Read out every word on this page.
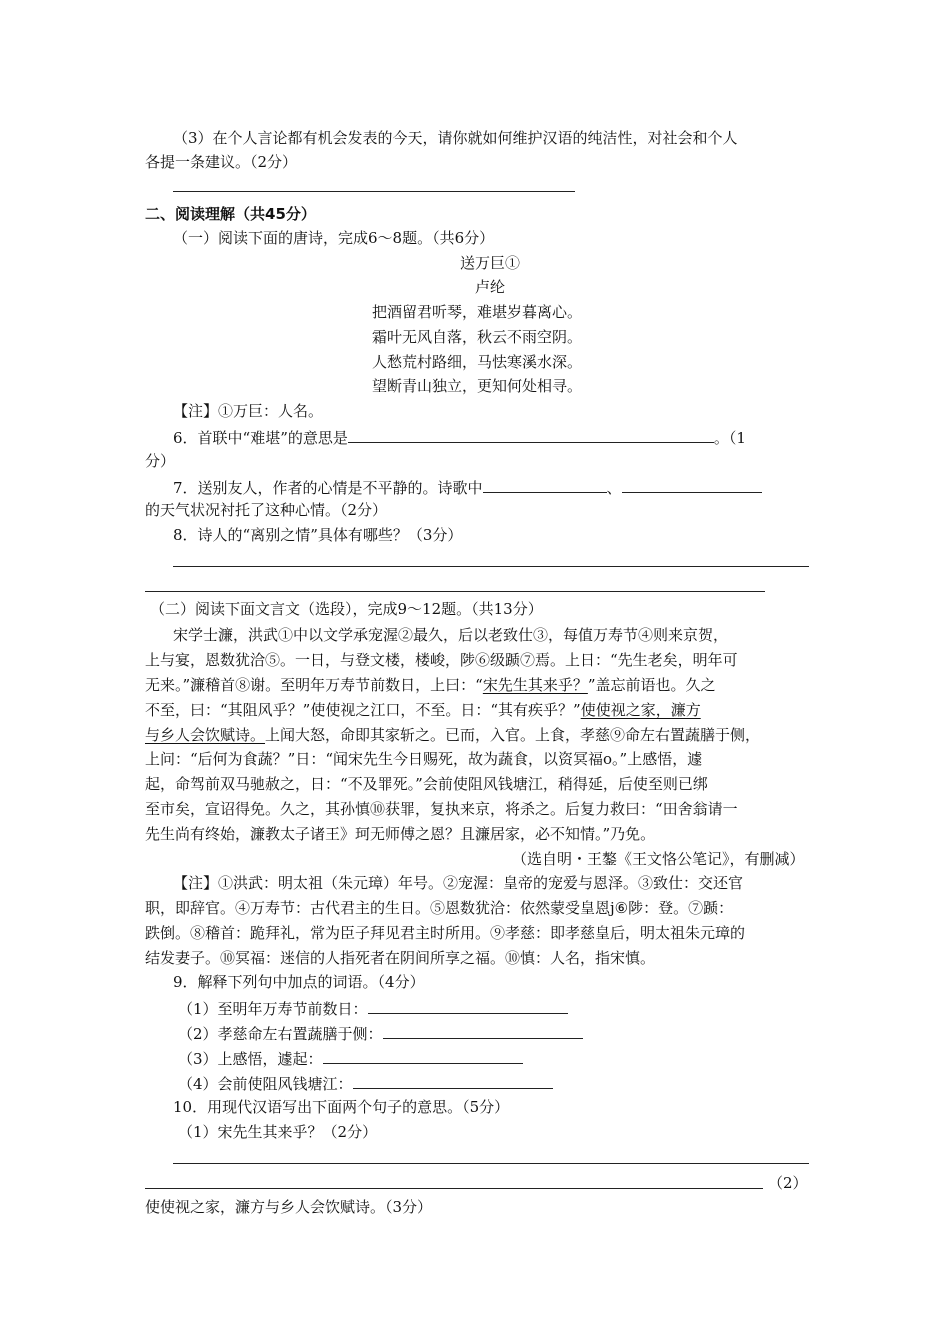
（3）在个人言论都有机会发表的今天，请你就如何维护汉语的纯洁性，对社会和个人
各提一条建议。（2分）
二、阅读理解（共45分）
（一）阅读下面的唐诗，完成6～8题。（共6分）
送万巨①
卢纶
把酒留君听琴，难堪岁暮离心。
霜叶无风自落，秋云不雨空阴。
人愁荒村路细，马怯寒溪水深。
望断青山独立，更知何处相寻。
【注】①万巨：人名。
6．首联中“难堪”的意思是	。（1
分）
7．送别友人，作者的心情是不平静的。诗歌中	、
的天气状况衬托了这种心情。（2分）
8．诗人的“离别之情”具体有哪些？（3分）
（二）阅读下面文言文（选段），完成9～12题。（共13分）
宋学士濂，洪武①中以文学承宠渥②最久，后以老致仕③，每值万寿节④则来京贺，
上与宴，恩数犹洽⑤。一日，与登文楼，楼峻，陟⑥级踬⑦焉。上日：“先生老矣，明年可
无来。”濂稽首⑧谢。至明年万寿节前数日，上曰：“宋先生其来乎？”盖忘前语也。久之
不至，曰：“其阻风乎？”使使视之江口，不至。日：“其有疾乎？”使使视之家，濂方
与乡人会饮赋诗。上闻大怒，命即其家斩之。已而，入官。上食，孝慈⑨命左右置蔬膳于侧，
上问：“后何为食蔬？”日：“闻宋先生今日赐死，故为蔬食，以资冥福o。”上感悟，遽
起，命驾前双马驰赦之，日：“不及罪死。”会前使阻风钱塘江，稍得延，后使至则已绑
至市矣，宣诏得免。久之，其孙慎⑩获罪，复执来京，将杀之。后复力救曰：“田舍翁请一
先生尚有终始，濂教太子诸王》珂无师傅之恩？且濂居家，必不知情。”乃免。
（选自明・王鏊《王文恪公笔记》，有删减）
【注】①洪武：明太祖（朱元璋）年号。②宠渥：皇帝的宠爱与恩泽。③致仕：交还官
职，即辞官。④万寿节：古代君主的生日。⑤恩数犹洽：依然蒙受皇恩j⑥陟：登。⑦踬：
跌倒。⑧稽首：跪拜礼，常为臣子拜见君主时所用。⑨孝慈：即孝慈皇后，明太祖朱元璋的
结发妻子。⑩冥福：迷信的人指死者在阴间所享之福。⑩慎：人名，指宋慎。
9．解释下列句中加点的词语。（4分）
（1）至明年万寿节前数日：
（2）孝慈命左右置蔬膳于侧：
（3）上感悟，遽起：
（4）会前使阻风钱塘江：
10．用现代汉语写出下面两个句子的意思。（5分）
（1）宋先生其来乎？（2分）
（2）
使使视之家，濂方与乡人会饮赋诗。（3分）
